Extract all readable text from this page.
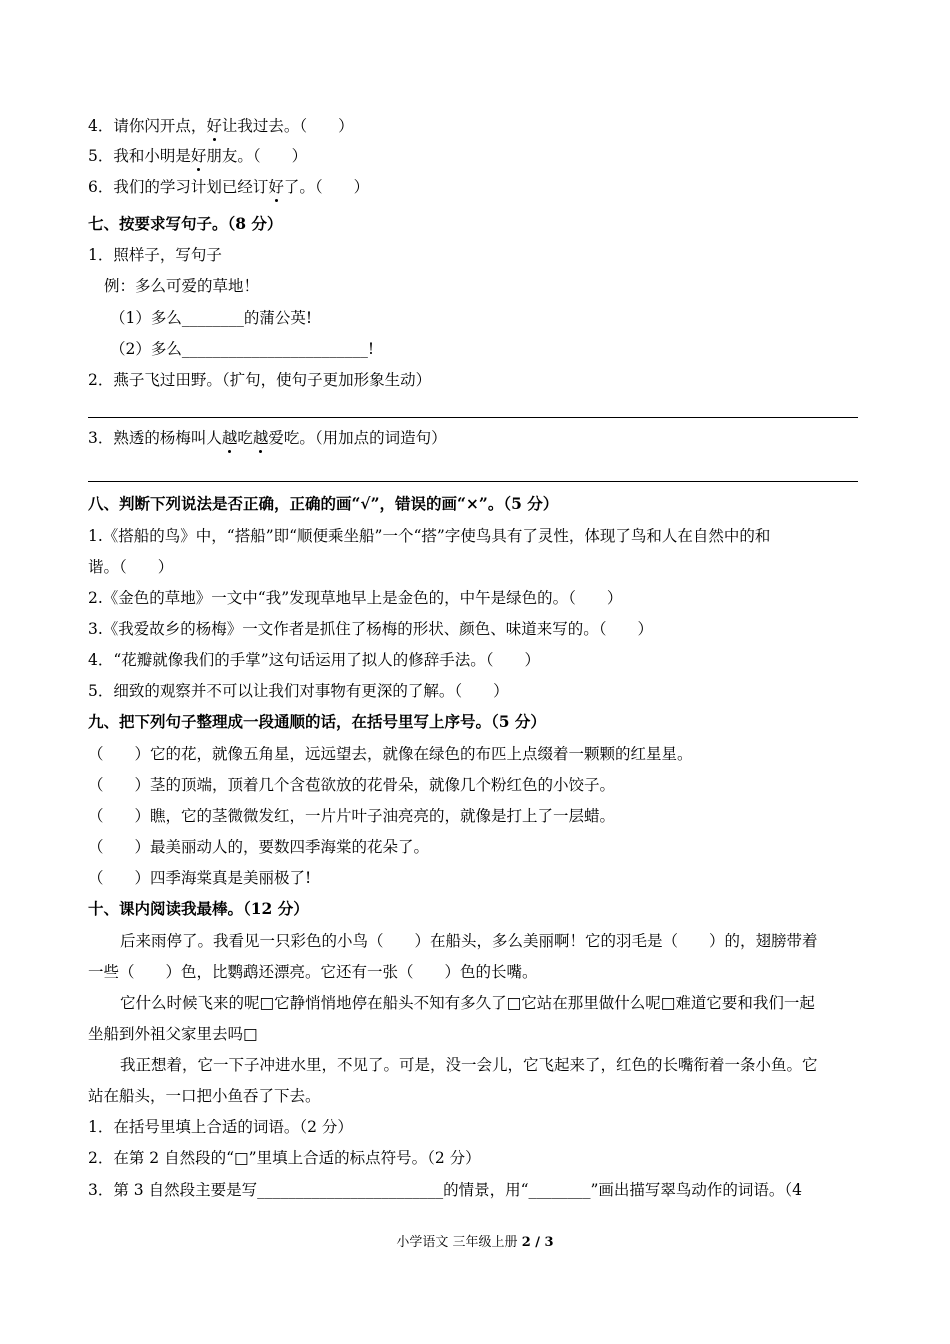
4．请你闪开点，好让我过去。（　　）
5．我和小明是好朋友。（　　）
6．我们的学习计划已经订好了。（　　）
七、按要求写句子。（8 分）
1．照样子，写句子
例：多么可爱的草地！
（1）多么________的蒲公英!
（2）多么________________________!
2．燕子飞过田野。（扩句，使句子更加形象生动）
3．熟透的杨梅叫人越吃越爱吃。（用加点的词造句）
八、判断下列说法是否正确，正确的画“√”，错误的画“×”。（5 分）
1.《搭船的鸟》中，“搭船”即“顺便乘坐船”一个“搭”字使鸟具有了灵性，体现了鸟和人在自然中的和
谐。（　　）
2.《金色的草地》一文中“我”发现草地早上是金色的，中午是绿色的。（　　）
3.《我爱故乡的杨梅》一文作者是抓住了杨梅的形状、颜色、味道来写的。（　　）
4．“花瓣就像我们的手掌”这句话运用了拟人的修辞手法。（　　）
5．细致的观察并不可以让我们对事物有更深的了解。（　　）
九、把下列句子整理成一段通顺的话，在括号里写上序号。（5 分）
（　　）它的花，就像五角星，远远望去，就像在绿色的布匹上点缀着一颗颗的红星星。
（　　）茎的顶端，顶着几个含苞欲放的花骨朵，就像几个粉红色的小饺子。
（　　）瞧，它的茎微微发红，一片片叶子油亮亮的，就像是打上了一层蜡。
（　　）最美丽动人的，要数四季海棠的花朵了。
（　　）四季海棠真是美丽极了!
十、课内阅读我最棒。（12 分）
后来雨停了。我看见一只彩色的小鸟（　　）在船头，多么美丽啊！它的羽毛是（　　）的，翅膀带着
一些（　　）色，比鹦鹉还漂亮。它还有一张（　　）色的长嘴。
它什么时候飞来的呢□它静悄悄地停在船头不知有多久了□它站在那里做什么呢□难道它要和我们一起
坐船到外祖父家里去吗□
我正想着，它一下子冲进水里，不见了。可是，没一会儿，它飞起来了，红色的长嘴衔着一条小鱼。它
站在船头，一口把小鱼吞了下去。
1．在括号里填上合适的词语。（2 分）
2．在第 2 自然段的“□”里填上合适的标点符号。（2 分）
3．第 3 自然段主要是写________________________的情景，用“________”画出描写翠鸟动作的词语。（4
小学语文 三年级上册 2 / 3
